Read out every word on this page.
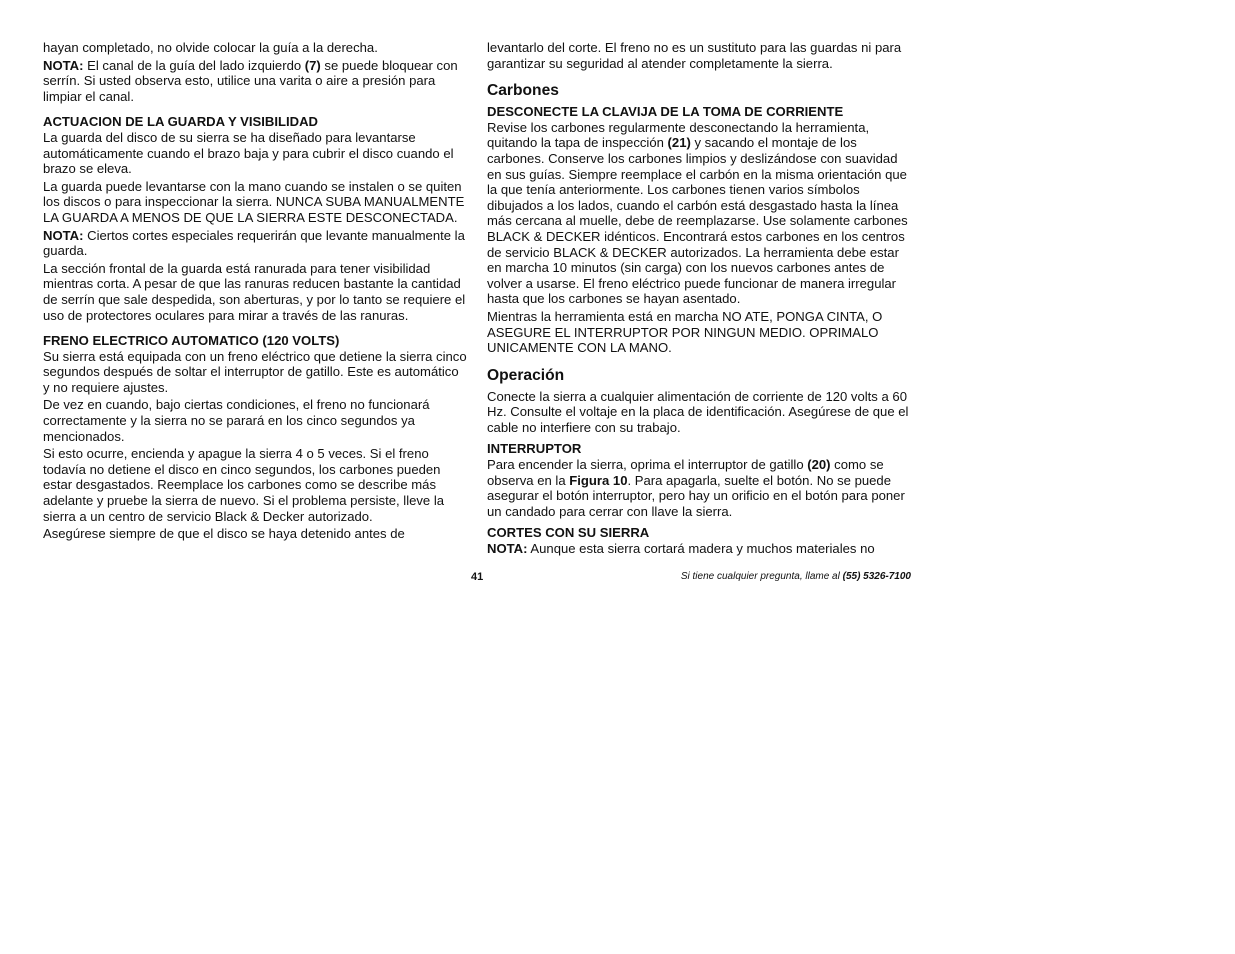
hayan completado, no olvide colocar la guía a la derecha.

NOTA: El canal de la guía del lado izquierdo (7) se puede bloquear con serrín. Si usted observa esto, utilice una varita o aire a presión para limpiar el canal.

ACTUACION DE LA GUARDA Y VISIBILIDAD

La guarda del disco de su sierra se ha diseñado para levantarse automáticamente cuando el brazo baja y para cubrir el disco cuando el brazo se eleva.

La guarda puede levantarse con la mano cuando se instalen o se quiten los discos o para inspeccionar la sierra. NUNCA SUBA MANUALMENTE LA GUARDA A MENOS DE QUE LA SIERRA ESTE DESCONECTADA.

NOTA: Ciertos cortes especiales requerirán que levante manualmente la guarda.

La sección frontal de la guarda está ranurada para tener visibilidad mientras corta. A pesar de que las ranuras reducen bastante la cantidad de serrín que sale despedida, son aberturas, y por lo tanto se requiere el uso de protectores oculares para mirar a través de las ranuras.

FRENO ELECTRICO AUTOMATICO (120 VOLTS)

Su sierra está equipada con un freno eléctrico que detiene la sierra cinco segundos después de soltar el interruptor de gatillo. Este es automático y no requiere ajustes.

De vez en cuando, bajo ciertas condiciones, el freno no funcionará correctamente y la sierra no se parará en los cinco segundos ya mencionados.

Si esto ocurre, encienda y apague la sierra 4 o 5 veces. Si el freno todavía no detiene el disco en cinco segundos, los carbones pueden estar desgastados. Reemplace los carbones como se describe más adelante y pruebe la sierra de nuevo. Si el problema persiste, lleve la sierra a un centro de servicio Black & Decker autorizado.

Asegúrese siempre de que el disco se haya detenido antes de

levantarlo del corte. El freno no es un sustituto para las guardas ni para garantizar su seguridad al atender completamente la sierra.

Carbones
DESCONECTE LA CLAVIJA DE LA TOMA DE CORRIENTE

Revise los carbones regularmente desconectando la herramienta, quitando la tapa de inspección (21) y sacando el montaje de los carbones. Conserve los carbones limpios y deslizándose con suavidad en sus guías. Siempre reemplace el carbón en la misma orientación que la que tenía anteriormente. Los carbones tienen varios símbolos dibujados a los lados, cuando el carbón está desgastado hasta la línea más cercana al muelle, debe de reemplazarse. Use solamente carbones BLACK & DECKER idénticos. Encontrará estos carbones en los centros de servicio BLACK & DECKER autorizados. La herramienta debe estar en marcha 10 minutos (sin carga) con los nuevos carbones antes de volver a usarse. El freno eléctrico puede funcionar de manera irregular hasta que los carbones se hayan asentado.

Mientras la herramienta está en marcha NO ATE, PONGA CINTA, O ASEGURE EL INTERRUPTOR POR NINGUN MEDIO. OPRIMALO UNICAMENTE CON LA MANO.

Operación

Conecte la sierra a cualquier alimentación de corriente de 120 volts a 60 Hz. Consulte el voltaje en la placa de identificación. Asegúrese de que el cable no interfiere con su trabajo.

INTERRUPTOR

Para encender la sierra, oprima el interruptor de gatillo (20) como se observa en la Figura 10. Para apagarla, suelte el botón. No se puede asegurar el botón interruptor, pero hay un orificio en el botón para poner un candado para cerrar con llave la sierra.

CORTES CON SU SIERRA

NOTA: Aunque esta sierra cortará madera y muchos materiales no

41	Si tiene cualquier pregunta, llame al (55) 5326-7100
